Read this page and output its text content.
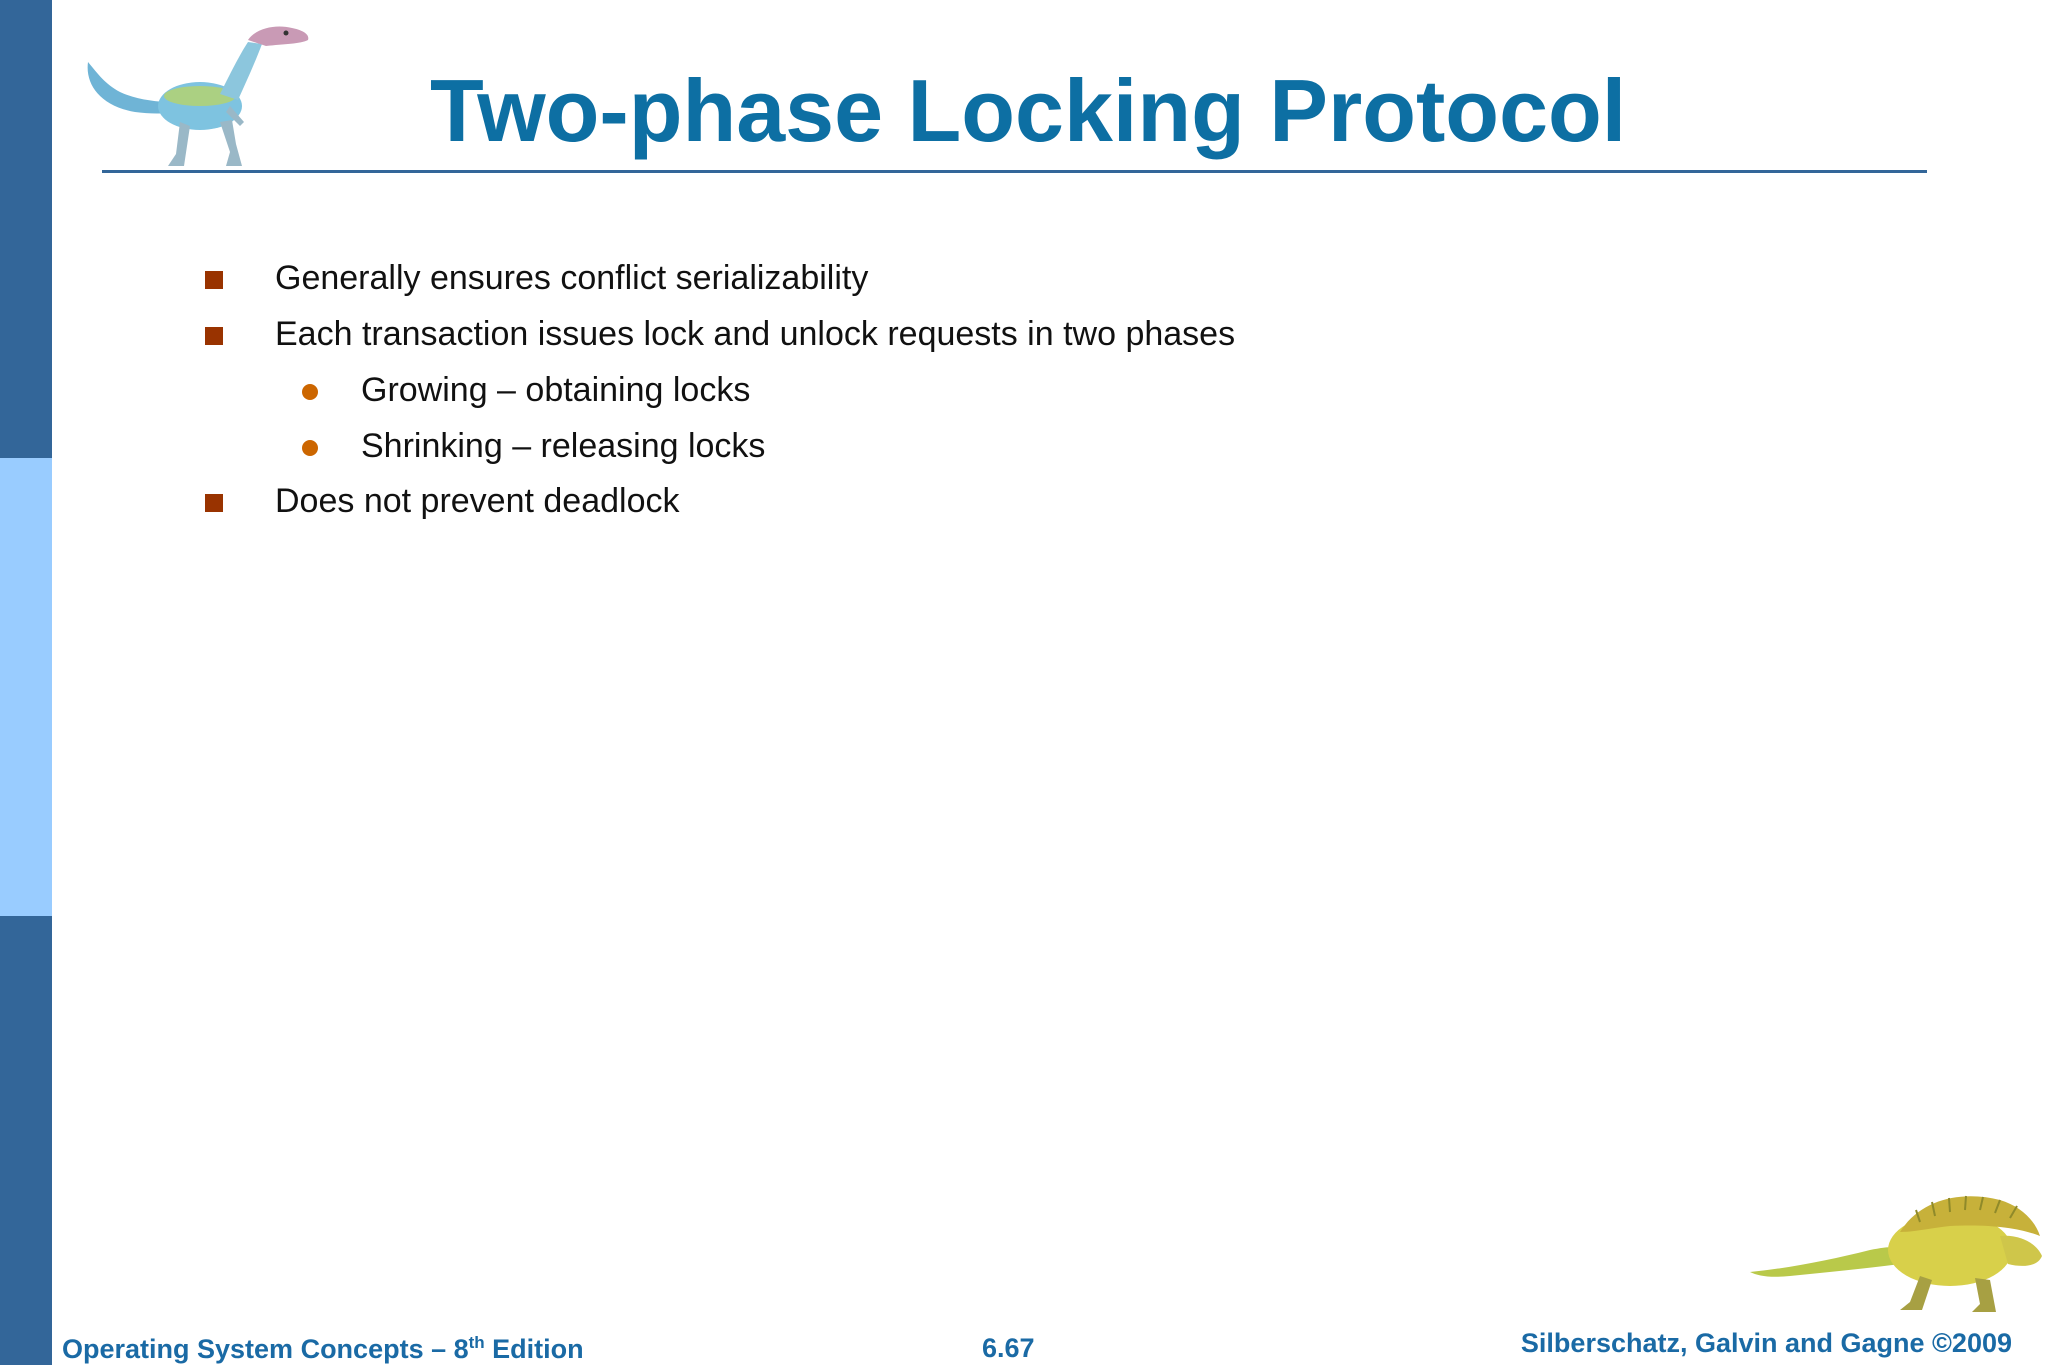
Two-phase Locking Protocol
Generally ensures conflict serializability
Each transaction issues lock and unlock requests in two phases
Growing – obtaining locks
Shrinking – releasing locks
Does not prevent deadlock
Operating System Concepts – 8th Edition	6.67	Silberschatz, Galvin and Gagne ©2009
